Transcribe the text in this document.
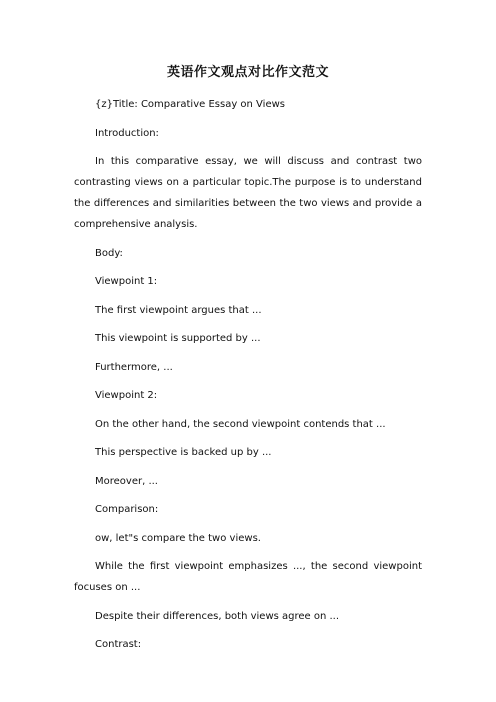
英语作文观点对比作文范文

{z}Title: Comparative Essay on Views

Introduction:

In this comparative essay, we will discuss and contrast two contrasting views on a particular topic.The purpose is to understand the differences and similarities between the two views and provide a comprehensive analysis.

Body:

Viewpoint 1:

The first viewpoint argues that ...

This viewpoint is supported by ...

Furthermore, ...

Viewpoint 2:

On the other hand, the second viewpoint contends that ...

This perspective is backed up by ...

Moreover, ...

Comparison:

ow, let"s compare the two views.

While the first viewpoint emphasizes ..., the second viewpoint focuses on ...

Despite their differences, both views agree on ...

Contrast:
